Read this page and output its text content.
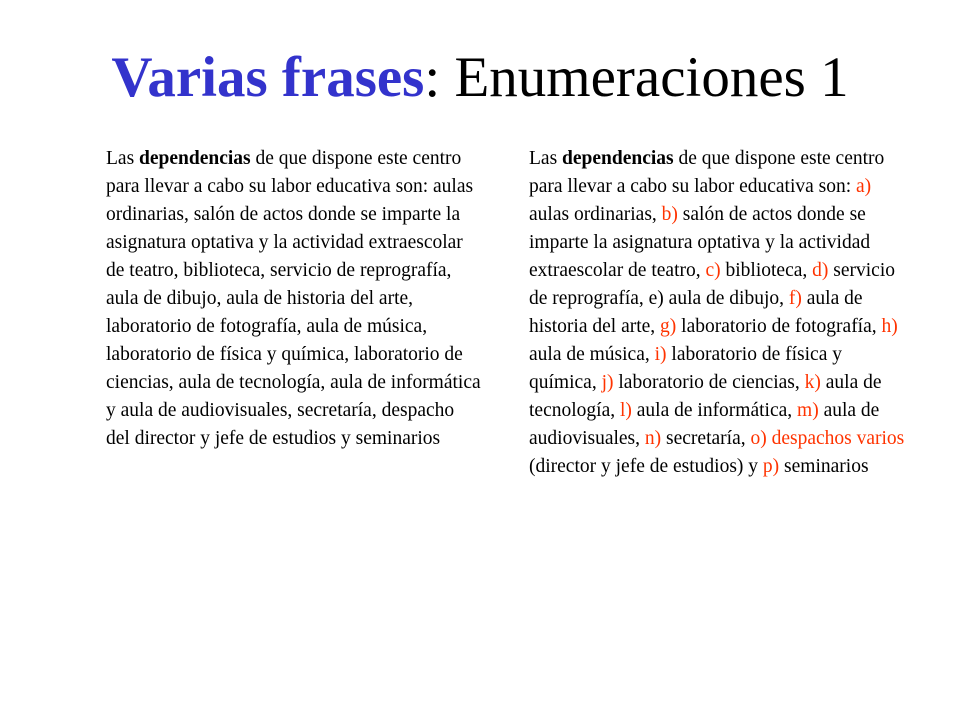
Varias frases: Enumeraciones 1

Las dependencias de que dispone este centro para llevar a cabo su labor educativa son: aulas ordinarias, salón de actos donde se imparte la asignatura optativa y la actividad extraescolar de teatro, biblioteca, servicio de reprografía, aula de dibujo, aula de historia del arte, laboratorio de fotografía, aula de música, laboratorio de física y química, laboratorio de ciencias, aula de tecnología, aula de informática y aula de audiovisuales, secretaría, despacho del director y jefe de estudios y seminarios

Las dependencias de que dispone este centro para llevar a cabo su labor educativa son: a) aulas ordinarias, b) salón de actos donde se imparte la asignatura optativa y la actividad extraescolar de teatro, c) biblioteca, d) servicio de reprografía, e) aula de dibujo, f) aula de historia del arte, g) laboratorio de fotografía, h) aula de música, i) laboratorio de física y química, j) laboratorio de ciencias, k) aula de tecnología, l) aula de informática, m) aula de audiovisuales, n) secretaría, o) despachos varios (director y jefe de estudios) y p) seminarios
